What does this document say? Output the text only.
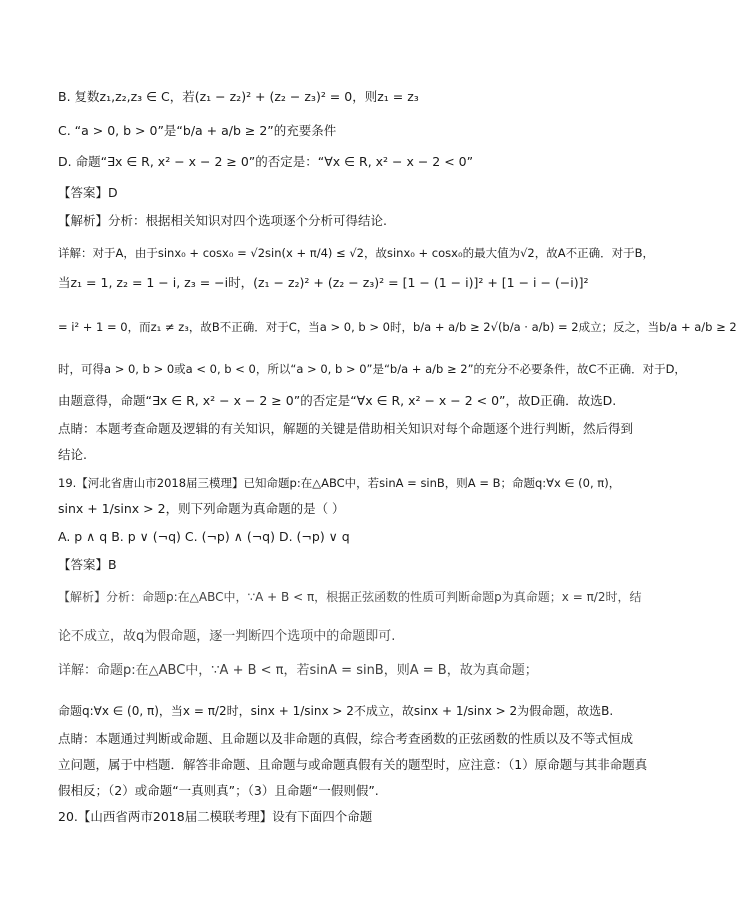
B. 复数z₁,z₂,z₃ ∈ C，若(z₁ − z₂)² + (z₂ − z₃)² = 0，则z₁ = z₃
C. “a > 0, b > 0”是“b/a + a/b ≥ 2”的充要条件
D. 命题“∃x ∈ R, x² − x − 2 ≥ 0”的否定是：“∀x ∈ R, x² − x − 2 < 0”
【答案】D
【解析】分析：根据相关知识对四个选项逐个分析可得结论.
详解：对于A，由于sinx₀ + cosx₀ = √2sin(x + π/4) ≤ √2，故sinx₀ + cosx₀的最大值为√2，故A不正确．对于B，
当z₁ = 1, z₂ = 1 − i, z₃ = −i时，(z₁ − z₂)² + (z₂ − z₃)² = [1 − (1 − i)]² + [1 − i − (−i)]²
= i² + 1 = 0，而z₁ ≠ z₃，故B不正确．对于C，当a > 0, b > 0时，b/a + a/b ≥ 2√(b/a · a/b) = 2成立；反之，当b/a + a/b ≥ 2
时，可得a > 0, b > 0或a < 0, b < 0，所以“a > 0, b > 0”是“b/a + a/b ≥ 2”的充分不必要条件，故C不正确．对于D，
由题意得，命题“∃x ∈ R, x² − x − 2 ≥ 0”的否定是“∀x ∈ R, x² − x − 2 < 0”，故D正确．故选D.
点睛：本题考查命题及逻辑的有关知识，解题的关键是借助相关知识对每个命题逐个进行判断，然后得到
结论.
19.【河北省唐山市2018届三模理】已知命题p:在△ABC中，若sinA = sinB，则A = B；命题q:∀x ∈ (0, π)，
sinx + 1/sinx > 2，则下列命题为真命题的是（ ）
A. p ∧ q B. p ∨ (¬q) C. (¬p) ∧ (¬q) D. (¬p) ∨ q
【答案】B
【解析】分析：命题p:在△ABC中，∵A + B < π，根据正弦函数的性质可判断命题p为真命题；x = π/2时，结
论不成立，故q为假命题，逐一判断四个选项中的命题即可.
详解：命题p:在△ABC中，∵A + B < π，若sinA = sinB，则A = B，故为真命题；
命题q:∀x ∈ (0, π)，当x = π/2时，sinx + 1/sinx > 2不成立，故sinx + 1/sinx > 2为假命题，故选B.
点睛：本题通过判断或命题、且命题以及非命题的真假，综合考查函数的正弦函数的性质以及不等式恒成
立问题，属于中档题．解答非命题、且命题与或命题真假有关的题型时，应注意：（1）原命题与其非命题真
假相反；（2）或命题“一真则真”；（3）且命题“一假则假”.
20.【山西省两市2018届二模联考理】设有下面四个命题
